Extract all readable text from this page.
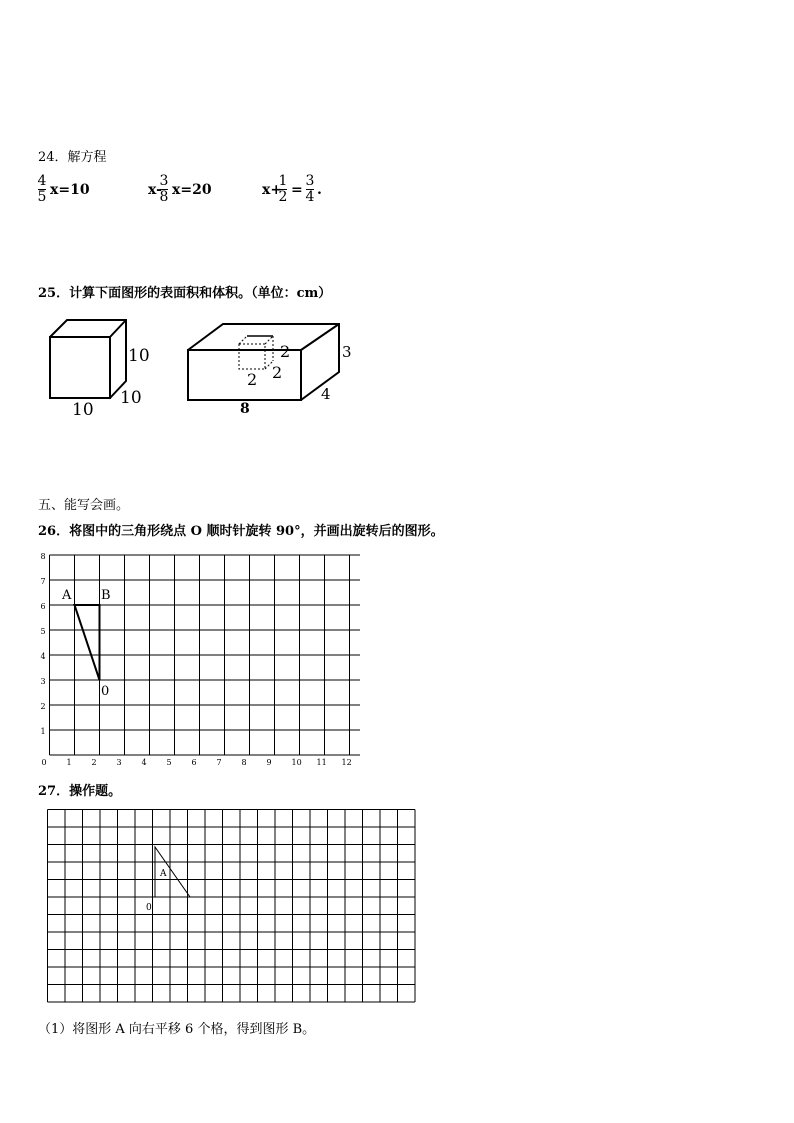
24．解方程
4
5 x=10	x-
3
8 x=20	x+
1
2 =
3
4 .
25．计算下面图形的表面积和体积。（单位：cm）
10
10
10
3
4
8
2
2
2
五、能写会画。
26．将图中的三角形绕点 O 顺时针旋转 90°，并画出旋转后的图形。
0 1 2 3 4 5 6 7 8 9 10 11 12
1
2
3
4
5
6
7
8
A B
0
27．操作题。
A
0
（1）将图形 A 向右平移 6 个格，得到图形 B。
